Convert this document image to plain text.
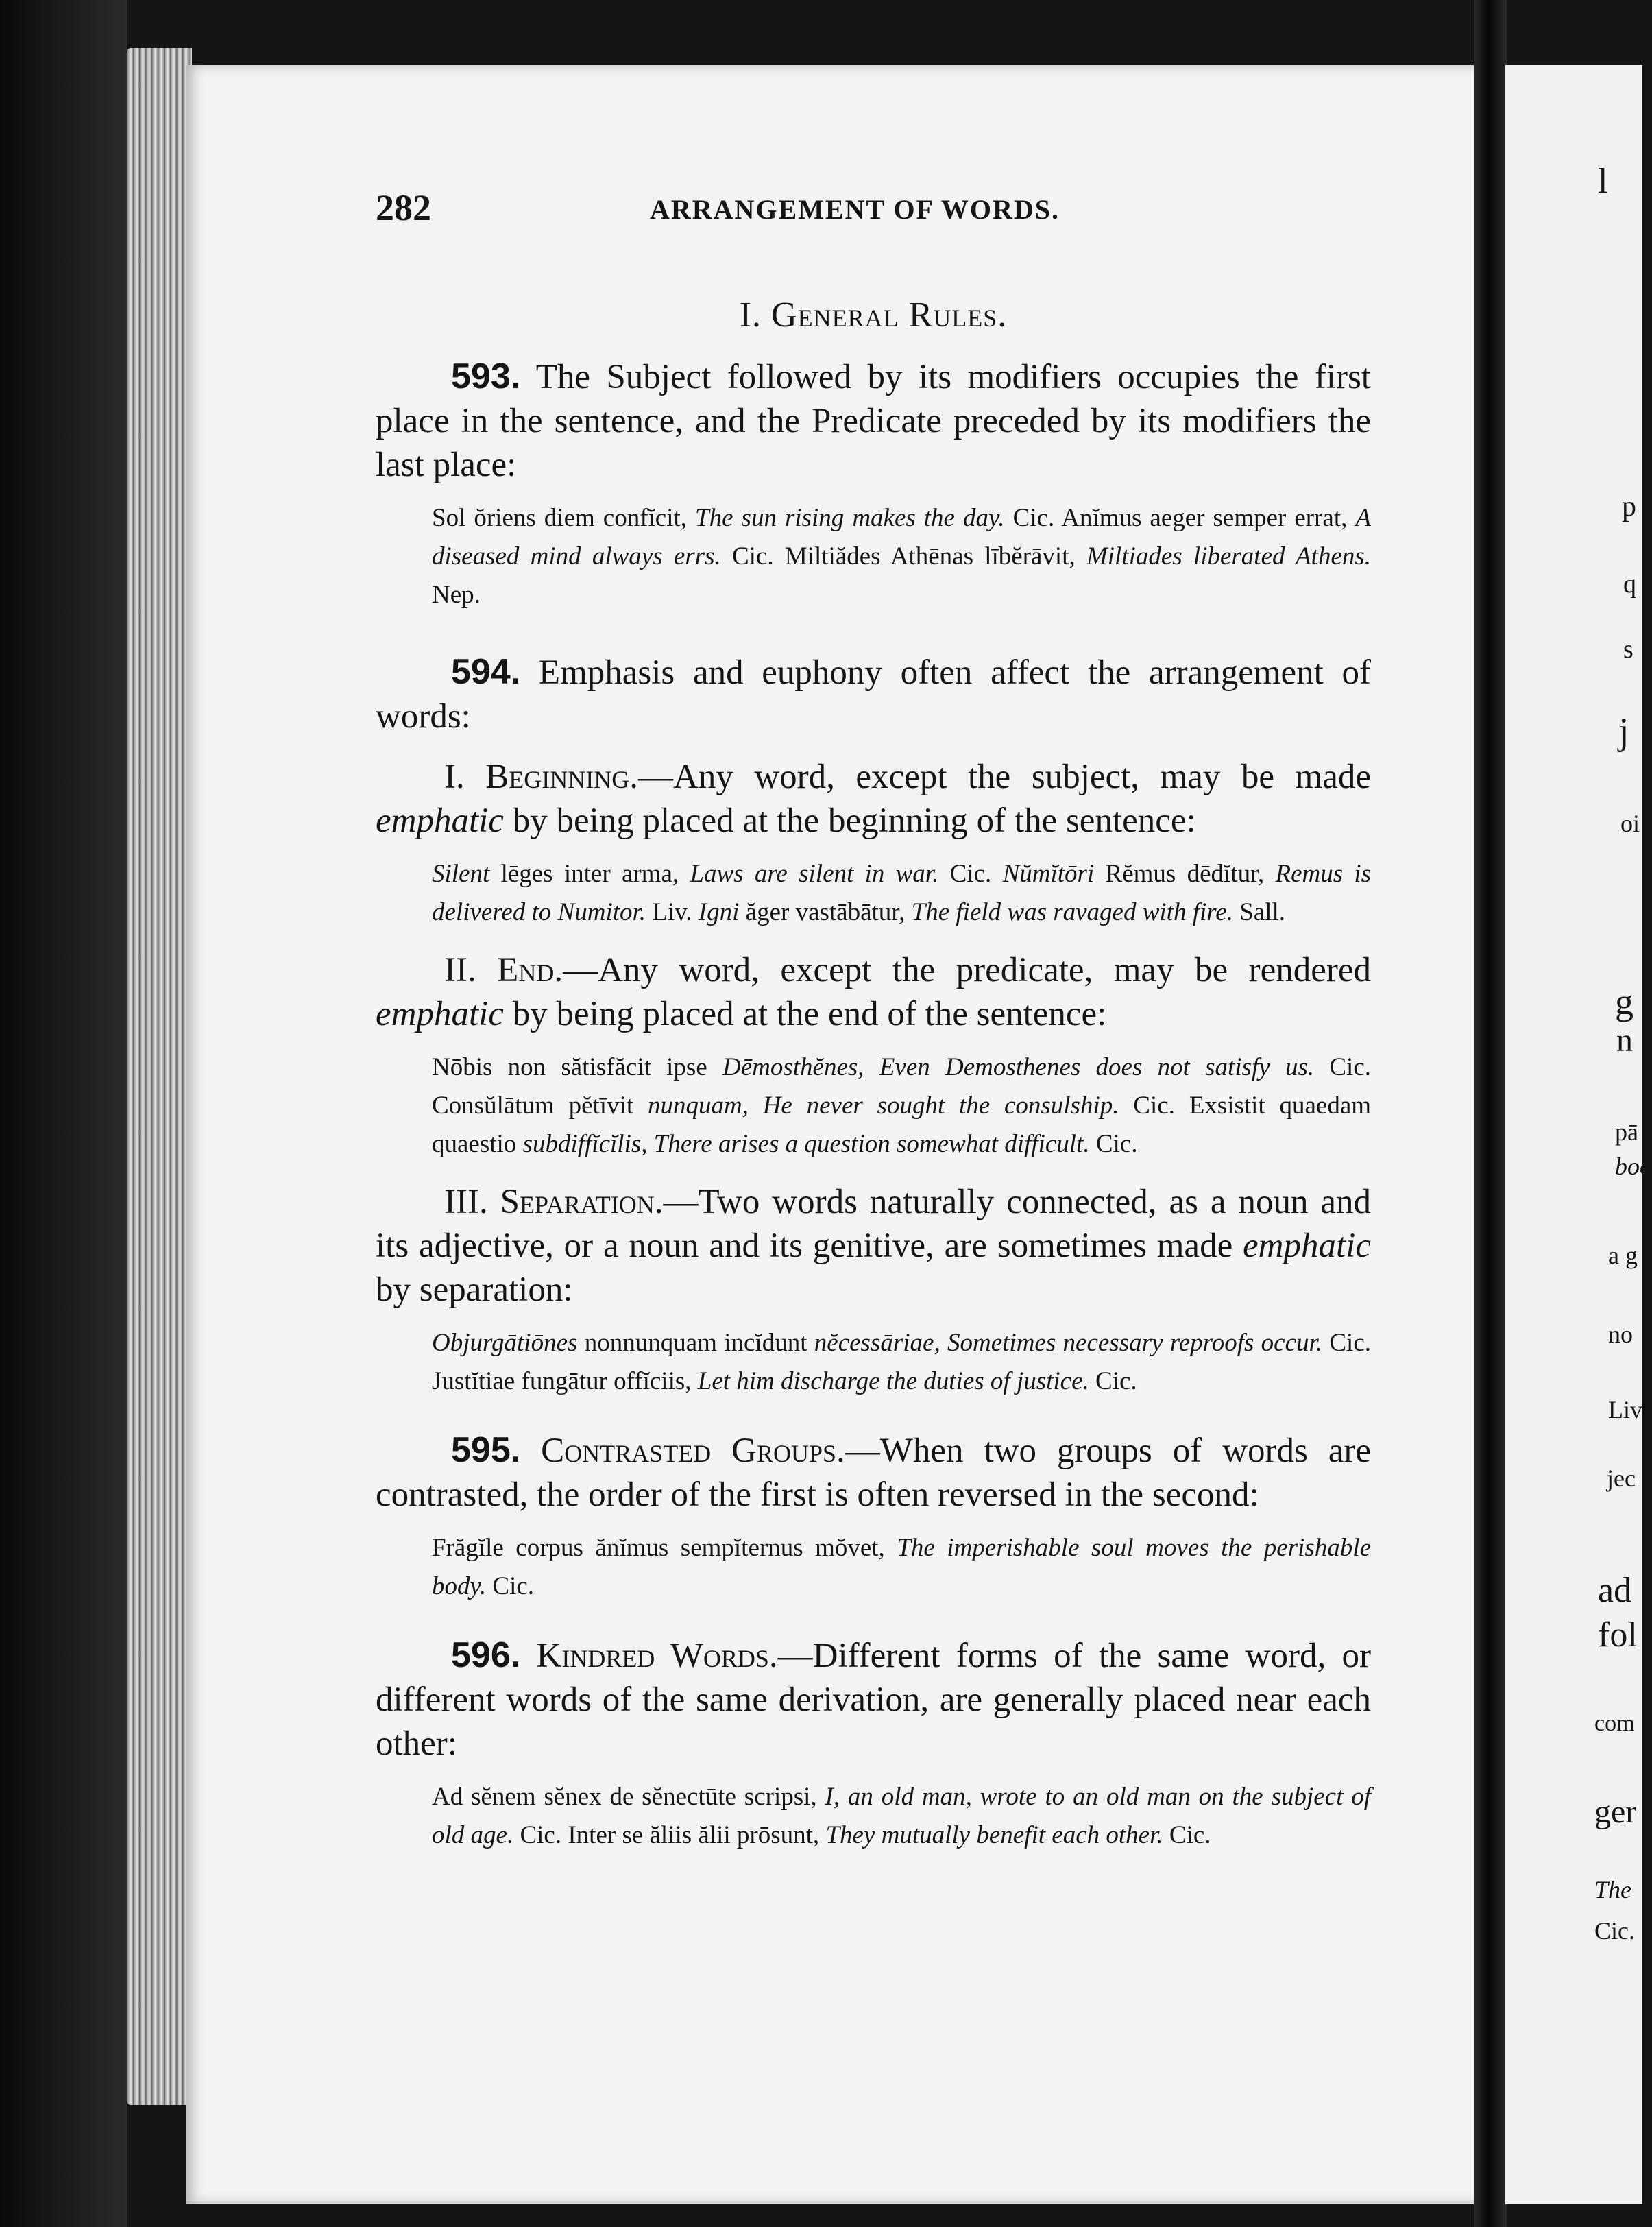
l
p
q
s
j
oi
g
n
pā
boo
a g
no
Liv
jec
ad
fol
com
ger
The
Cic.
282	ARRANGEMENT OF WORDS.
I. General Rules.

593. The Subject followed by its modifiers occupies the first place in the sentence, and the Predicate preceded by its modifiers the last place:

Sol ŏriens diem confĭcit, The sun rising makes the day. Cic. Anĭmus aeger semper errat, A diseased mind always errs. Cic. Miltiădes Athēnas lībĕrāvit, Miltiades liberated Athens. Nep.

594. Emphasis and euphony often affect the arrangement of words:

I. Beginning.—Any word, except the subject, may be made emphatic by being placed at the beginning of the sentence:

Silent lēges inter arma, Laws are silent in war. Cic. Nŭmĭtōri Rĕmus dēdĭtur, Remus is delivered to Numitor. Liv. Igni ăger vastābātur, The field was ravaged with fire. Sall.

II. End.—Any word, except the predicate, may be rendered emphatic by being placed at the end of the sentence:

Nōbis non sătisfăcit ipse Dēmosthĕnes, Even Demosthenes does not satisfy us. Cic. Consŭlātum pĕtīvit nunquam, He never sought the consulship. Cic. Exsistit quaedam quaestio subdiffĭcĭlis, There arises a question somewhat difficult. Cic.

III. Separation.—Two words naturally connected, as a noun and its adjective, or a noun and its genitive, are sometimes made emphatic by separation:

Objurgātiōnes nonnunquam incĭdunt nĕcessāriae, Sometimes necessary reproofs occur. Cic. Justĭtiae fungātur offĭciis, Let him discharge the duties of justice. Cic.

595. Contrasted Groups.—When two groups of words are contrasted, the order of the first is often reversed in the second:

Frăgĭle corpus ănĭmus sempĭternus mŏvet, The imperishable soul moves the perishable body. Cic.

596. Kindred Words.—Different forms of the same word, or different words of the same derivation, are generally placed near each other:

Ad sĕnem sĕnex de sĕnectūte scripsi, I, an old man, wrote to an old man on the subject of old age. Cic. Inter se ăliis ălii prōsunt, They mutually benefit each other. Cic.
